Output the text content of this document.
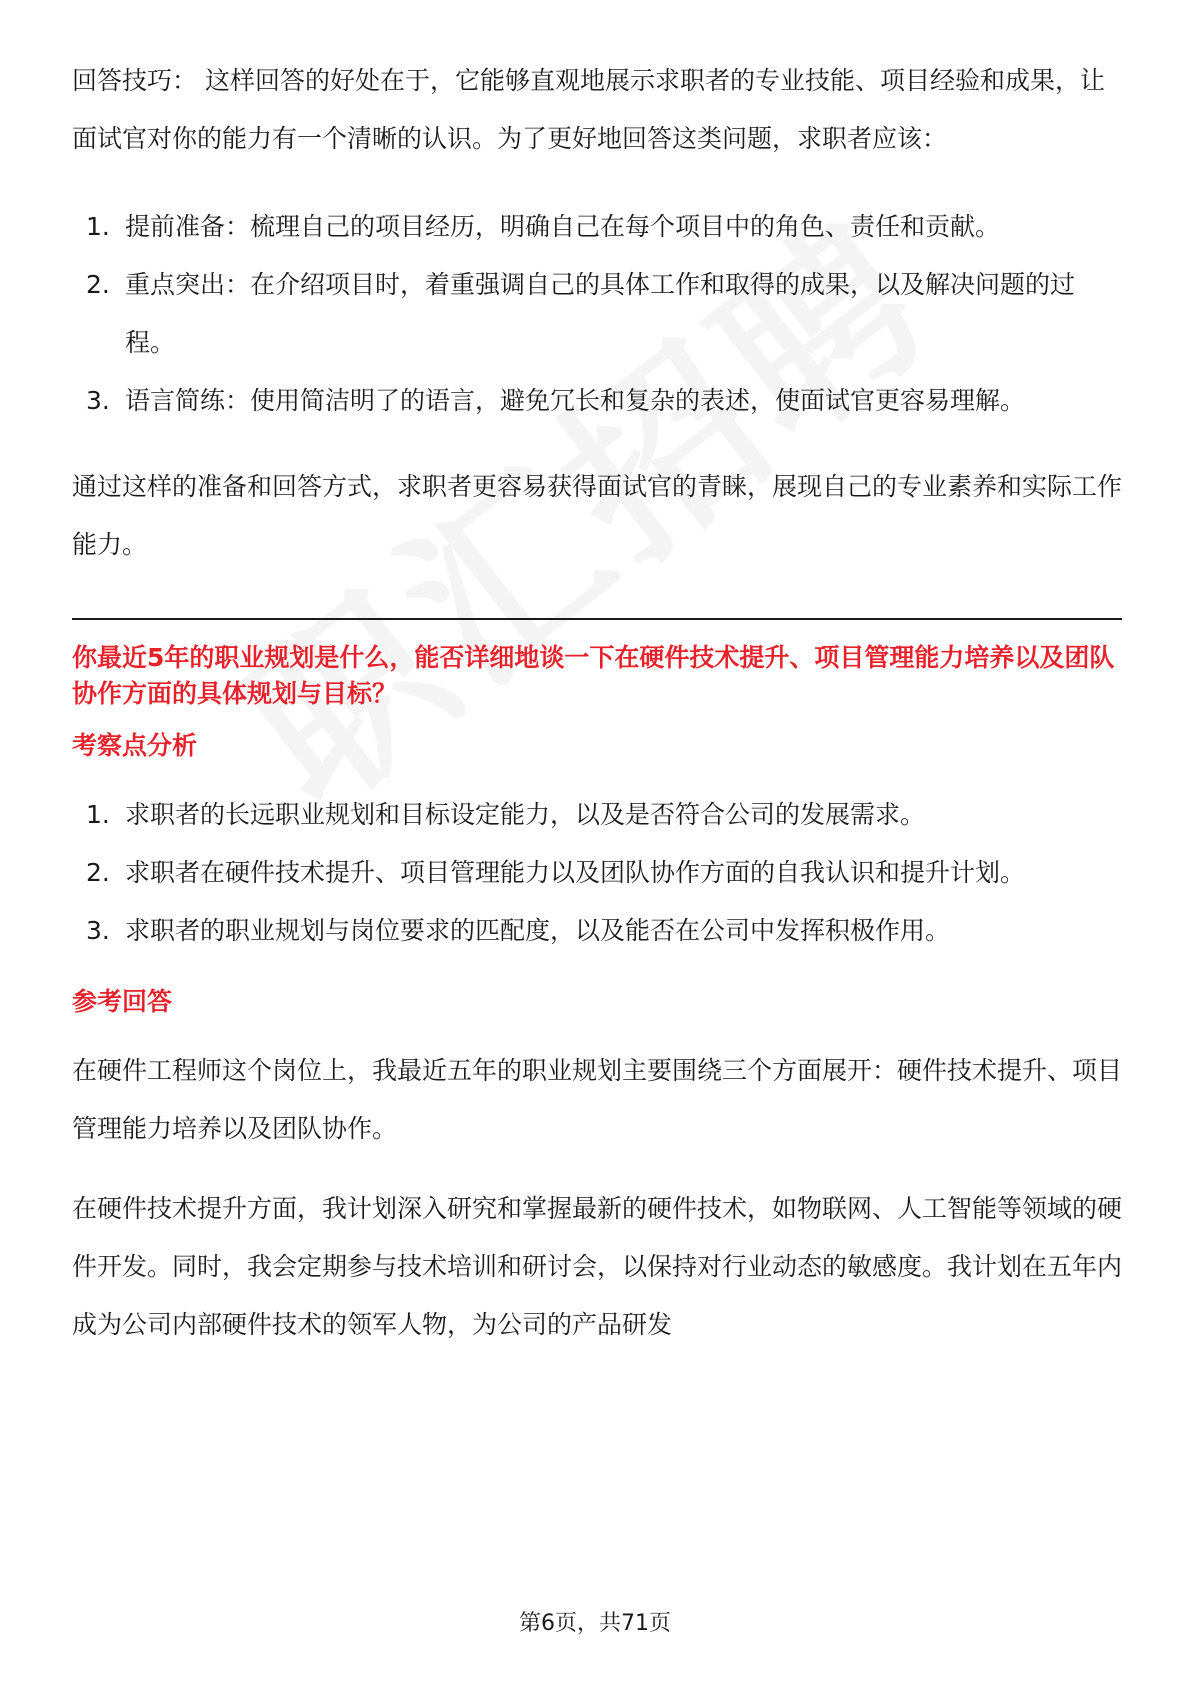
回答技巧： 这样回答的好处在于，它能够直观地展示求职者的专业技能、项目经验和成果，让面试官对你的能力有一个清晰的认识。为了更好地回答这类问题，求职者应该：

1. 提前准备：梳理自己的项目经历，明确自己在每个项目中的角色、责任和贡献。
2. 重点突出：在介绍项目时，着重强调自己的具体工作和取得的成果，以及解决问题的过程。
3. 语言简练：使用简洁明了的语言，避免冗长和复杂的表述，使面试官更容易理解。

通过这样的准备和回答方式，求职者更容易获得面试官的青睐，展现自己的专业素养和实际工作能力。

你最近5年的职业规划是什么，能否详细地谈一下在硬件技术提升、项目管理能力培养以及团队协作方面的具体规划与目标？

考察点分析

1. 求职者的长远职业规划和目标设定能力，以及是否符合公司的发展需求。
2. 求职者在硬件技术提升、项目管理能力以及团队协作方面的自我认识和提升计划。
3. 求职者的职业规划与岗位要求的匹配度，以及能否在公司中发挥积极作用。

参考回答

在硬件工程师这个岗位上，我最近五年的职业规划主要围绕三个方面展开：硬件技术提升、项目管理能力培养以及团队协作。

在硬件技术提升方面，我计划深入研究和掌握最新的硬件技术，如物联网、人工智能等领域的硬件开发。同时，我会定期参与技术培训和研讨会，以保持对行业动态的敏感度。我计划在五年内成为公司内部硬件技术的领军人物，为公司的产品研发

第6页，共71页
